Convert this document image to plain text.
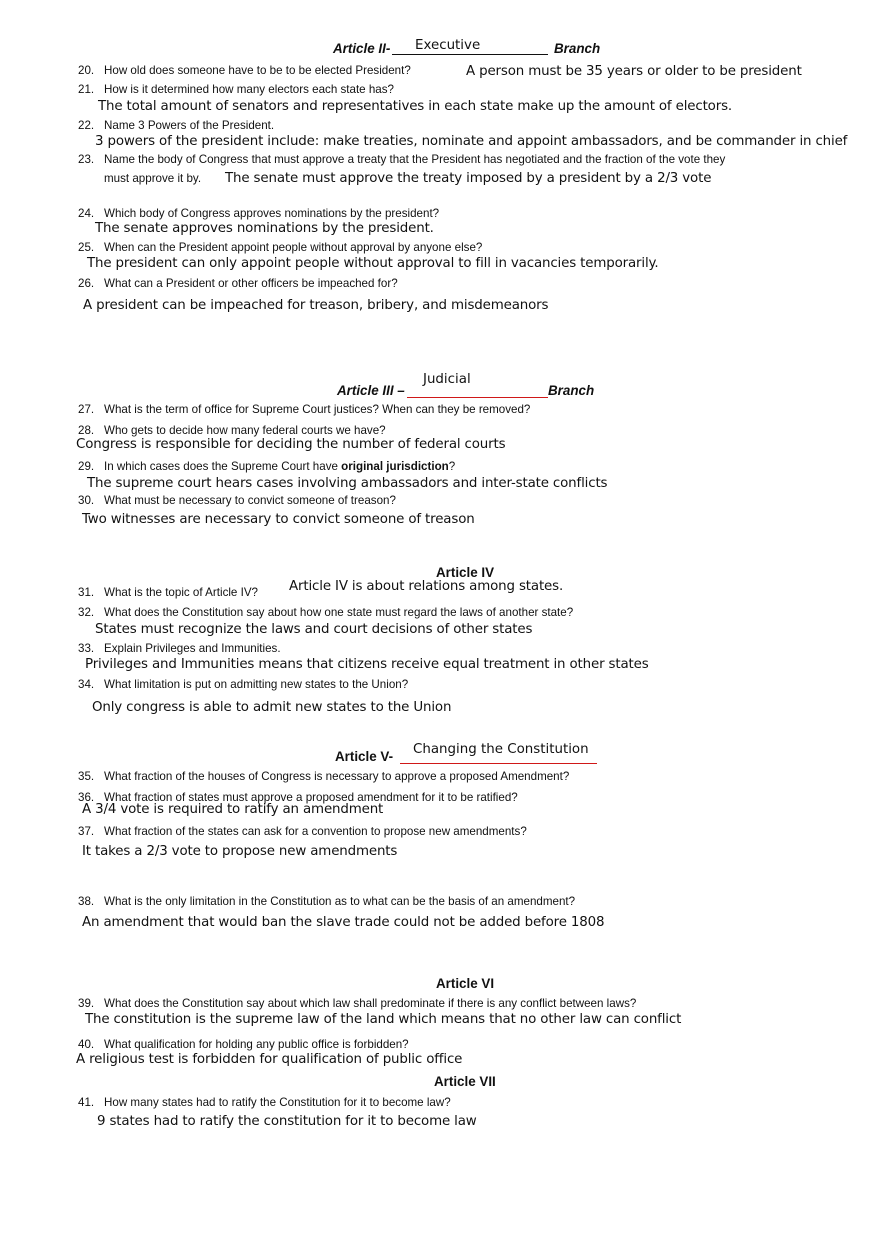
Article II- Executive	Branch
20. How old does someone have to be to be elected President?	A person must be 35 years or older to be president
21. How is it determined how many electors each state has?
The total amount of senators and representatives in each state make up the amount of electors.
22. Name 3 Powers of the President.
3 powers of the president include: make treaties, nominate and appoint ambassadors, and be commander in chief
23. Name the body of Congress that must approve a treaty that the President has negotiated and the fraction of the vote they
must approve it by. The senate must approve the treaty imposed by a president by a 2/3 vote
24. Which body of Congress approves nominations by the president?
The senate approves nominations by the president.
25. When can the President appoint people without approval by anyone else?
The president can only appoint people without approval to fill in vacancies temporarily.
26. What can a President or other officers be impeached for?
A president can be impeached for treason, bribery, and misdemeanors
Article III –
Judicial
Branch
27. What is the term of office for Supreme Court justices? When can they be removed?
28. Who gets to decide how many federal courts we have?
Congress is responsible for deciding the number of federal courts
29. In which cases does the Supreme Court have original jurisdiction?
The supreme court hears cases involving ambassadors and inter-state conflicts
30. What must be necessary to convict someone of treason?
Two witnesses are necessary to convict someone of treason
Article IV
31. What is the topic of Article IV? Article IV is about relations among states.
32. What does the Constitution say about how one state must regard the laws of another state?
States must recognize the laws and court decisions of other states
33. Explain Privileges and Immunities.
Privileges and Immunities means that citizens receive equal treatment in other states
34. What limitation is put on admitting new states to the Union?
Only congress is able to admit new states to the Union
Article V- Changing the Constitution
35. What fraction of the houses of Congress is necessary to approve a proposed Amendment?
36. What fraction of states must approve a proposed amendment for it to be ratified?
A 3/4 vote is required to ratify an amendment
37. What fraction of the states can ask for a convention to propose new amendments?
It takes a 2/3 vote to propose new amendments
38. What is the only limitation in the Constitution as to what can be the basis of an amendment?
An amendment that would ban the slave trade could not be added before 1808
Article VI
39. What does the Constitution say about which law shall predominate if there is any conflict between laws?
The constitution is the supreme law of the land which means that no other law can conflict
40. What qualification for holding any public office is forbidden?
A religious test is forbidden for qualification of public office
Article VII
41. How many states had to ratify the Constitution for it to become law?
9 states had to ratify the constitution for it to become law
